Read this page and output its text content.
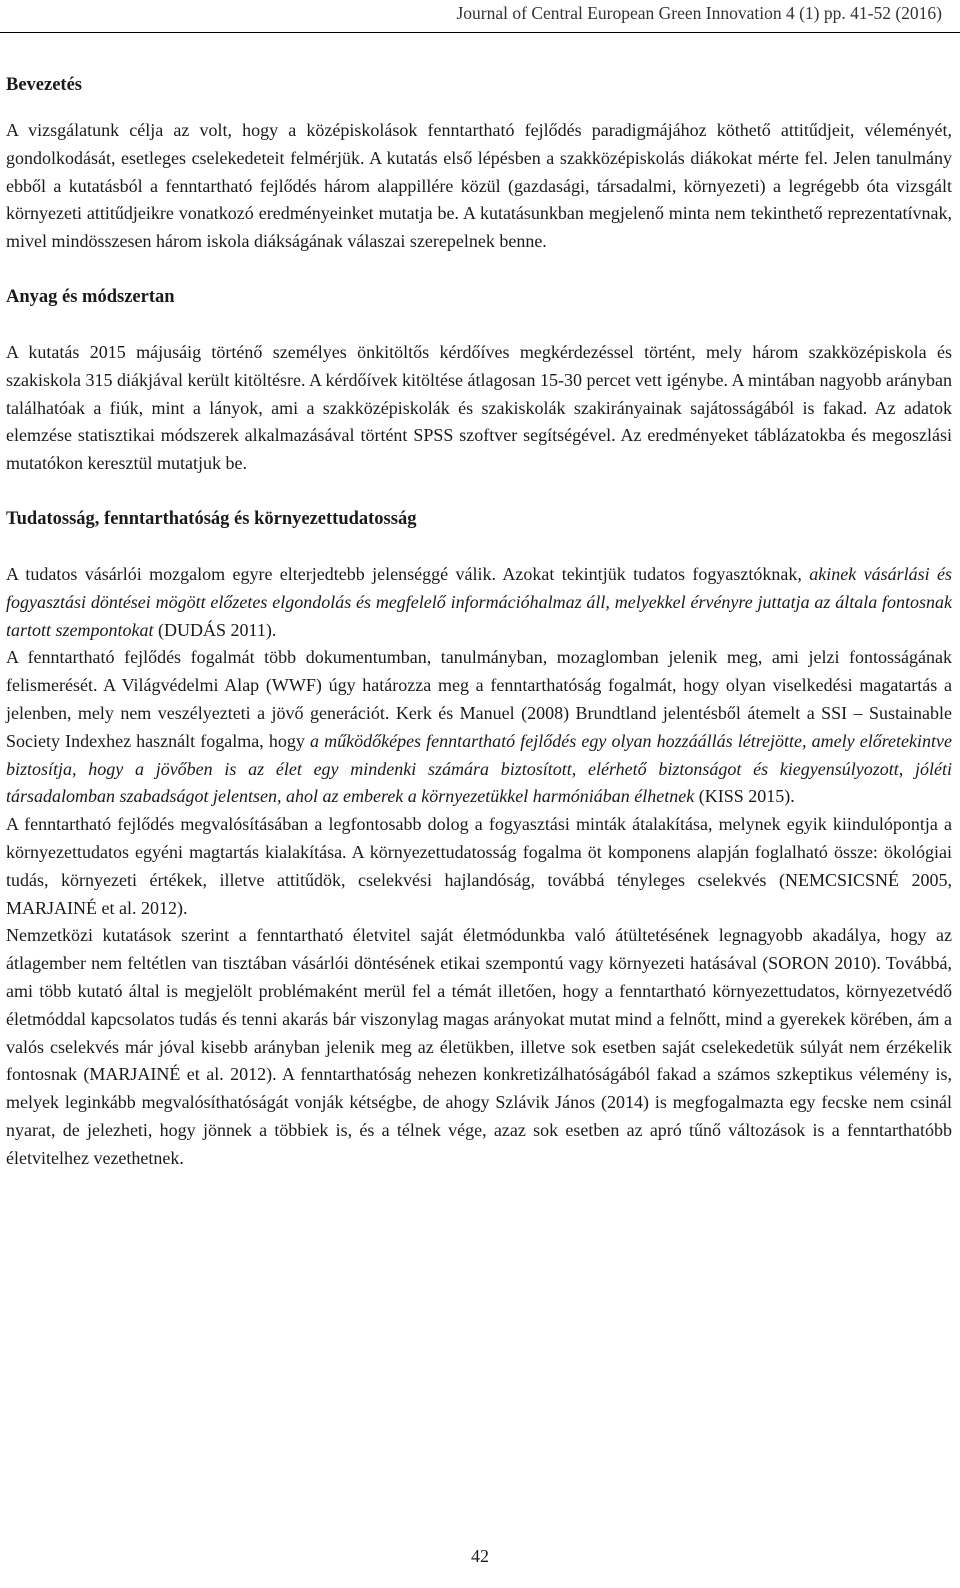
Journal of Central European Green Innovation 4 (1) pp. 41-52 (2016)
Bevezetés

A vizsgálatunk célja az volt, hogy a középiskolások fenntartható fejlődés paradigmájához köthető attitűdjeit, véleményét, gondolkodását, esetleges cselekedeteit felmérjük. A kutatás első lépésben a szakközépiskolás diákokat mérte fel. Jelen tanulmány ebből a kutatásból a fenntartható fejlődés három alappillére közül (gazdasági, társadalmi, környezeti) a legrégebb óta vizsgált környezeti attitűdjeikre vonatkozó eredményeinket mutatja be. A kutatásunkban megjelenő minta nem tekinthető reprezentatívnak, mivel mindösszesen három iskola diákságának válaszai szerepelnek benne.

Anyag és módszertan

A kutatás 2015 májusáig történő személyes önkitöltős kérdőíves megkérdezéssel történt, mely három szakközépiskola és szakiskola 315 diákjával került kitöltésre. A kérdőívek kitöltése átlagosan 15-30 percet vett igénybe. A mintában nagyobb arányban találhatóak a fiúk, mint a lányok, ami a szakközépiskolák és szakiskolák szakirányainak sajátosságából is fakad. Az adatok elemzése statisztikai módszerek alkalmazásával történt SPSS szoftver segítségével. Az eredményeket táblázatokba és megoszlási mutatókon keresztül mutatjuk be.

Tudatosság, fenntarthatóság és környezettudatosság

A tudatos vásárlói mozgalom egyre elterjedtebb jelenséggé válik. Azokat tekintjük tudatos fogyasztóknak, akinek vásárlási és fogyasztási döntései mögött előzetes elgondolás és megfelelő információhalmaz áll, melyekkel érvényre juttatja az általa fontosnak tartott szempontokat (DUDÁS 2011).

A fenntartható fejlődés fogalmát több dokumentumban, tanulmányban, mozaglomban jelenik meg, ami jelzi fontosságának felismerését. A Világvédelmi Alap (WWF) úgy határozza meg a fenntarthatóság fogalmát, hogy olyan viselkedési magatartás a jelenben, mely nem veszélyezteti a jövő generációt. Kerk és Manuel (2008) Brundtland jelentésből átemelt a SSI – Sustainable Society Indexhez használt fogalma, hogy a működőképes fenntartható fejlődés egy olyan hozzáállás létrejötte, amely előretekintve biztosítja, hogy a jövőben is az élet egy mindenki számára biztosított, elérhető biztonságot és kiegyensúlyozott, jóléti társadalomban szabadságot jelentsen, ahol az emberek a környezetükkel harmóniában élhetnek (KISS 2015).

A fenntartható fejlődés megvalósításában a legfontosabb dolog a fogyasztási minták átalakítása, melynek egyik kiindulópontja a környezettudatos egyéni magtartás kialakítása. A környezettudatosság fogalma öt komponens alapján foglalható össze: ökológiai tudás, környezeti értékek, illetve attitűdök, cselekvési hajlandóság, továbbá tényleges cselekvés (NEMCSICSNÉ 2005, MARJAINÉ et al. 2012).

Nemzetközi kutatások szerint a fenntartható életvitel saját életmódunkba való átültetésének legnagyobb akadálya, hogy az átlagember nem feltétlen van tisztában vásárlói döntésének etikai szempontú vagy környezeti hatásával (SORON 2010). Továbbá, ami több kutató által is megjelölt problémaként merül fel a témát illetően, hogy a fenntartható környezettudatos, környezetvédő életmóddal kapcsolatos tudás és tenni akarás bár viszonylag magas arányokat mutat mind a felnőtt, mind a gyerekek körében, ám a valós cselekvés már jóval kisebb arányban jelenik meg az életükben, illetve sok esetben saját cselekedetük súlyát nem érzékelik fontosnak (MARJAINÉ et al. 2012). A fenntarthatóság nehezen konkretizálhatóságából fakad a számos szkeptikus vélemény is, melyek leginkább megvalósíthatóságát vonják kétségbe, de ahogy Szlávik János (2014) is megfogalmazta egy fecske nem csinál nyarat, de jelezheti, hogy jönnek a többiek is, és a télnek vége, azaz sok esetben az apró tűnő változások is a fenntarthatóbb életvitelhez vezethetnek.

42
